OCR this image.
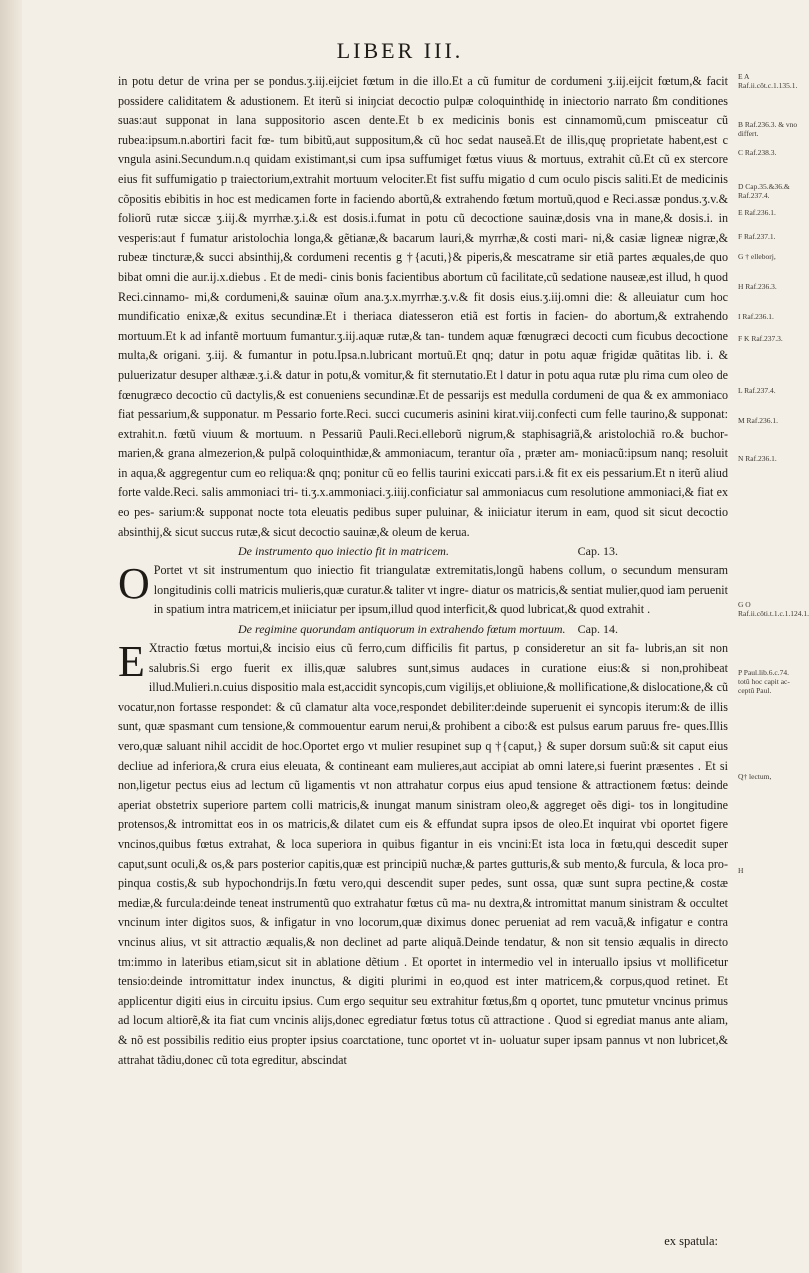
LIBER III.

in potu detur de vrina per se pondus.ʒ.iij.eijciet fœtum in die illo.Et a cũ fumitur de cordumeni ʒ.iij.eijcit fœtum,& facit possidere caliditatem & adustionem. Et iterũ si iniŋciat decoctio pulpæ coloquinthidę in iniectorio narrato ßm conditiones suas:aut supponat in lana suppositorio ascen dente.Et b ex medicinis bonis est cinnamomũ,cum pmisceatur cũ rubea:ipsum.n.abortiri facit fœ- tum bibitũ,aut suppositum,& cũ hoc sedat nauseã.Et de illis,quę proprietate habent,est c vngula asini.Secundum.n.q quidam existimant,si cum ipsa suffumiget fœtus viuus & mortuus, extrahit cũ.Et cũ ex stercore eius fit suffumigatio p traiectorium,extrahit mortuum velociter.Et fist suffu migatio d cum oculo piscis saliti.Et de medicinis cõpositis ebibitis in hoc est medicamen forte in faciendo abortũ,& extrahendo fœtum mortuũ,quod e Reci.assæ pondus.ʒ.v.& foliorũ rutæ siccæ ʒ.iij.& myrrhæ.ʒ.i.& est dosis.i.fumat in potu cũ decoctione sauinæ,dosis vna in mane,& dosis.i. in vesperis:aut f fumatur aristolochia longa,& gẽtianæ,& bacarum lauri,& myrrhæ,& costi mari- ni,& casiæ ligneæ nigræ,& rubeæ tincturæ,& succi absinthij,& cordumeni recentis g †{acuti,}& piperis,& mescatrame sir etiã partes æquales,de quo bibat omni die aur.ij.x.diebus . Et de medi- cinis bonis facientibus abortum cũ facilitate,cũ sedatione nauseæ,est illud, h quod Reci.cinnamo- mi,& cordumeni,& sauinæ oĩum ana.ʒ.x.myrrhæ.ʒ.v.& fit dosis eius.ʒ.iij.omni die: & alleuiatur cum hoc mundificatio enixæ,& exitus secundinæ.Et i theriaca diatesseron etiã est fortis in facien- do abortum,& extrahendo mortuum.Et k ad infantẽ mortuum fumantur.ʒ.iij.aquæ rutæ,& tan- tundem aquæ fœnugræci decocti cum ficubus decoctione multa,& origani. ʒ.iij. & fumantur in potu.Ipsa.n.lubricant mortuũ.Et qnq; datur in potu aquæ frigidæ quãtitas lib. i. & puluerizatur desuper althææ.ʒ.i.& datur in potu,& vomitur,& fit sternutatio.Et l datur in potu aqua rutæ plu rima cum oleo de fœnugræco decoctio cũ dactylis,& est conueniens secundinæ.Et de pessarijs est medulla cordumeni de qua & ex ammoniaco fiat pessarium,& supponatur. m Pessario forte.Reci. succi cucumeris asinini kirat.viij.confecti cum felle taurino,& supponat: extrahit.n. fœtũ viuum & mortuum. n Pessariũ Pauli.Reci.elleborũ nigrum,& staphisagriã,& aristolochiã ro.& buchor- marien,& grana almezerion,& pulpã coloquinthidæ,& ammoniacum, terantur oĩa , præter am- moniacũ:ipsum nanq; resoluit in aqua,& aggregentur cum eo reliqua:& qnq; ponitur cũ eo fellis taurini exiccati pars.i.& fit ex eis pessarium.Et n iterũ aliud forte valde.Reci. salis ammoniaci tri- ti.ʒ.x.ammoniaci.ʒ.iiij.conficiatur sal ammoniacus cum resolutione ammoniaci,& fiat ex eo pes- sarium:& supponat nocte tota eleuatis pedibus super puluinar, & iniiciatur iterum in eam, quod sit sicut decoctio absinthij,& sicut succus rutæ,& sicut decoctio sauinæ,& oleum de kerua.

De instrumento quo iniectio fit in matricem.	Cap. 13.

O Portet vt sit instrumentum quo iniectio fit triangulatæ extremitatis,longũ habens collum, o secundum mensuram longitudinis colli matricis mulieris,quæ curatur.& taliter vt ingre- diatur os matricis,& sentiat mulier,quod iam peruenit in spatium intra matricem,et iniiciatur per ipsum,illud quod interficit,& quod lubricat,& quod extrahit .

De regimine quorundam antiquorum in extrahendo fœtum mortuum. Cap. 14.

E Xtractio fœtus mortui,& incisio eius cũ ferro,cum difficilis fit partus, p consideretur an sit fa- lubris,an sit non salubris.Si ergo fuerit ex illis,quæ salubres sunt,simus audaces in curatione eius:& si non,prohibeat illud.Mulieri.n.cuius dispositio mala est,accidit syncopis,cum vigilijs,et obliuione,& mollificatione,& dislocatione,& cũ vocatur,non fortasse respondet: & cũ clamatur alta voce,respondet debiliter:deinde superuenit ei syncopis iterum:& de illis sunt, quæ spasmant cum tensione,& commouentur earum nerui,& prohibent a cibo:& est pulsus earum paruus fre- ques.Illis vero,quæ saluant nihil accidit de hoc.Oportet ergo vt mulier resupinet sup q †{caput,} & super dorsum suũ:& sit caput eius decliue ad inferiora,& crura eius eleuata, & contineant eam mulieres,aut accipiat ab omni latere,si fuerint præsentes . Et si non,ligetur pectus eius ad lectum cũ ligamentis vt non attrahatur corpus eius apud tensione & attractionem fœtus: deinde aperiat obstetrix superiore partem colli matricis,& inungat manum sinistram oleo,& aggreget oẽs digi- tos in longitudine protensos,& intromittat eos in os matricis,& dilatet cum eis & effundat supra ipsos de oleo.Et inquirat vbi oportet figere vncinos,quibus fœtus extrahat, & loca superiora in quibus figantur in eis vncini:Et ista loca in fœtu,qui descedit super caput,sunt oculi,& os,& pars posterior capitis,quæ est principiũ nuchæ,& partes gutturis,& sub mento,& furcula, & loca pro- pinqua costis,& sub hypochondrijs.In fœtu vero,qui descendit super pedes, sunt ossa, quæ sunt supra pectine,& costæ mediæ,& furcula:deinde teneat instrumentũ quo extrahatur fœtus cũ ma- nu dextra,& intromittat manum sinistram & occultet vncinum inter digitos suos, & infigatur in vno locorum,quæ diximus donec perueniat ad rem vacuã,& infigatur e contra vncinus alius, vt sit attractio æqualis,& non declinet ad parte aliquã.Deinde tendatur, & non sit tensio æqualis in directo tm:immo in lateribus etiam,sicut sit in ablatione dẽtium . Et oportet in intermedio vel in interuallo ipsius vt mollificetur tensio:deinde intromittatur index inunctus, & digiti plurimi in eo,quod est inter matricem,& corpus,quod retinet. Et applicentur digiti eius in circuitu ipsius. Cum ergo sequitur seu extrahitur fœtus,ßm q oportet, tunc pmutetur vncinus primus ad locum altiorẽ,& ita fiat cum vncinis alijs,donec egrediatur fœtus totus cũ attractione . Quod si egrediat manus ante aliam, & nõ est possibilis reditio eius propter ipsius coarctatione, tunc oportet vt in- uoluatur super ipsam pannus vt non lubricet,& attrahat tãdiu,donec cũ tota egreditur, abscindat

E A Raf.ii.cõt.c.1.135.1.
B Raf.236.3. & vno differt.
C Raf.238.3.
D Cap.35.&36.& Raf.237.4.
E Raf.236.1.
F Raf.237.1.
G † elleborj,
H Raf.236.3.
I Raf.236.1.
F K Raf.237.3.
L Raf.237.4.
M Raf.236.1.
N Raf.236.1.
G O Raf.ii.cõti.t.1.c.1.124.1.
P Paul.lib.6.c.74. totũ hoc capit ac- ceptũ Paul.
Q† lectum,
H
ex spatula:
